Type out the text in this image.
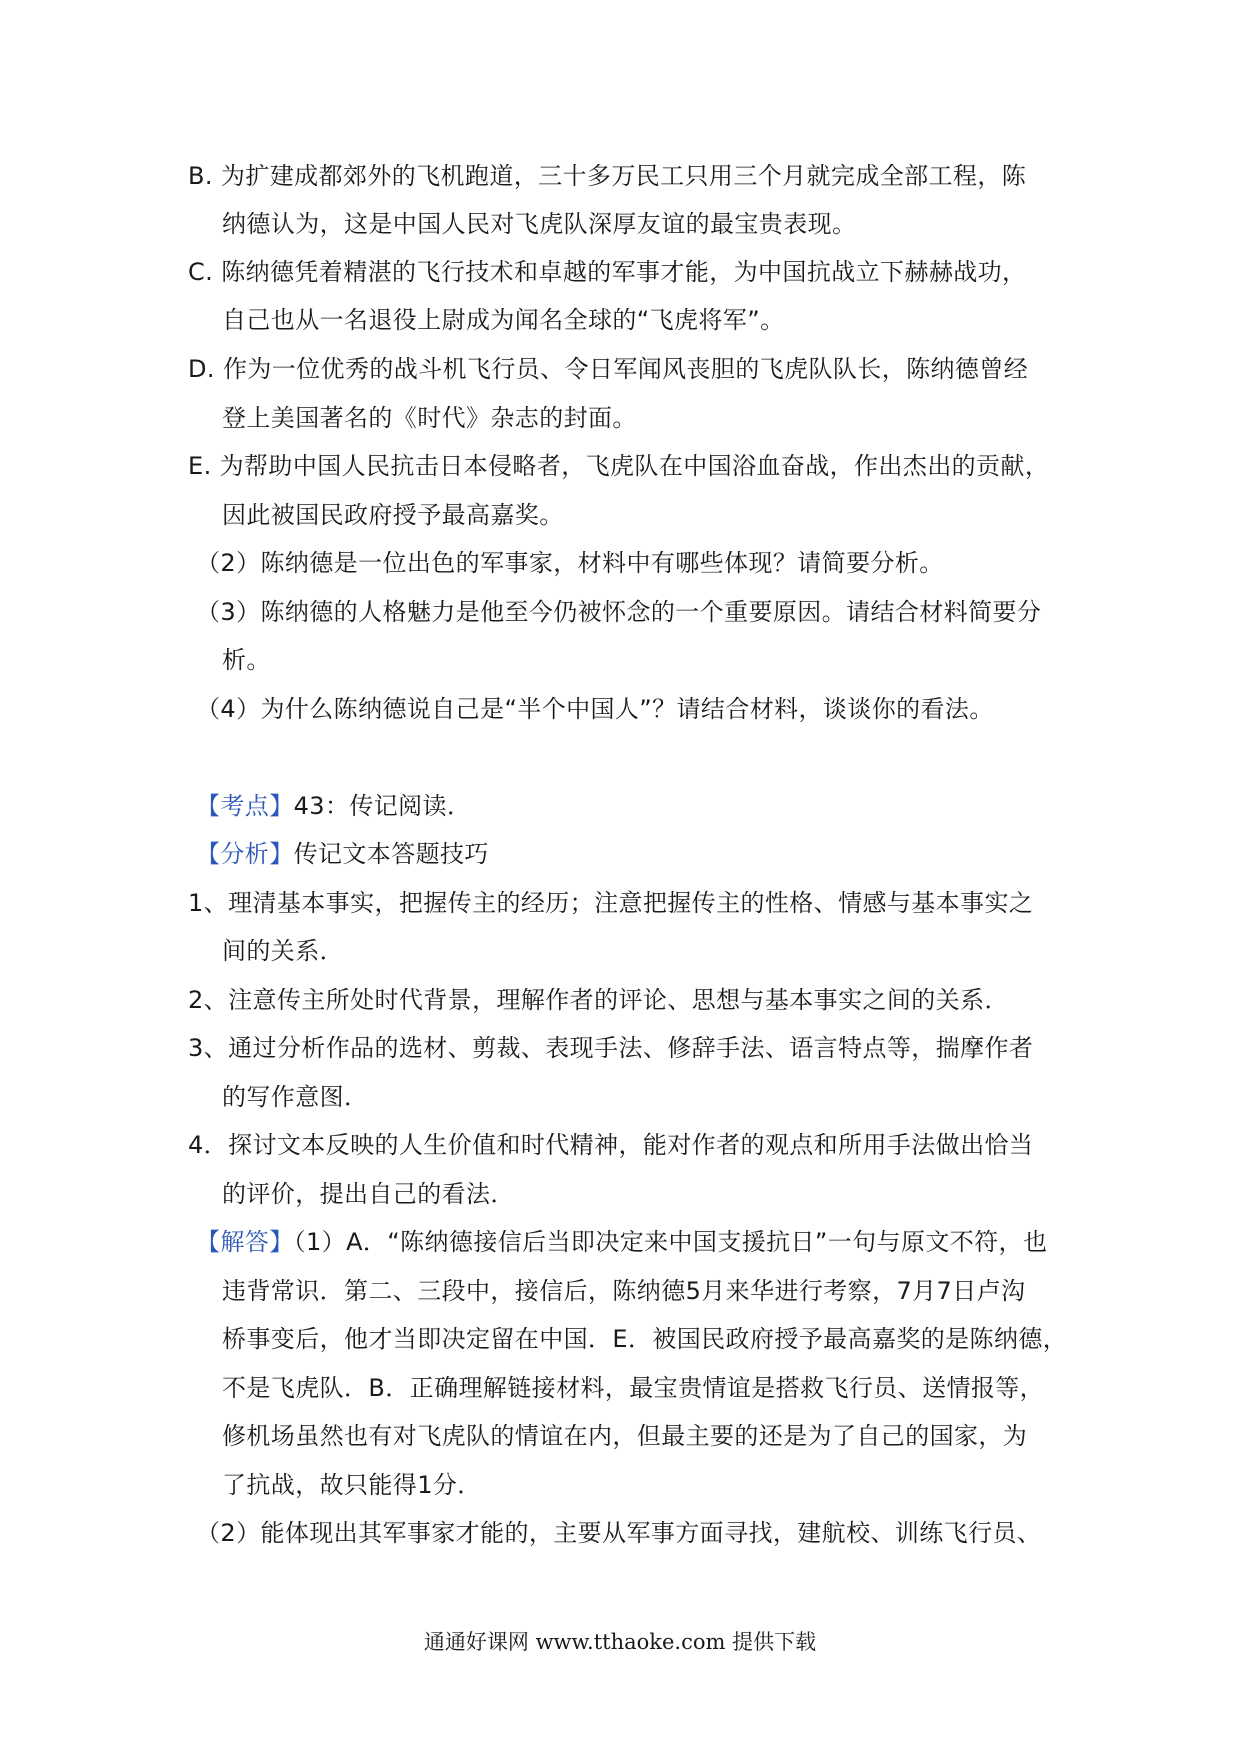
B. 为扩建成都郊外的飞机跑道，三十多万民工只用三个月就完成全部工程，陈
纳德认为，这是中国人民对飞虎队深厚友谊的最宝贵表现。
C. 陈纳德凭着精湛的飞行技术和卓越的军事才能，为中国抗战立下赫赫战功，
自己也从一名退役上尉成为闻名全球的“飞虎将军”。
D. 作为一位优秀的战斗机飞行员、令日军闻风丧胆的飞虎队队长，陈纳德曾经
登上美国著名的《时代》杂志的封面。
E. 为帮助中国人民抗击日本侵略者，飞虎队在中国浴血奋战，作出杰出的贡献，
因此被国民政府授予最高嘉奖。
（2）陈纳德是一位出色的军事家，材料中有哪些体现？请简要分析。
（3）陈纳德的人格魅力是他至今仍被怀念的一个重要原因。请结合材料简要分
析。
（4）为什么陈纳德说自己是“半个中国人”？请结合材料，谈谈你的看法。
【考点】43：传记阅读．
【分析】传记文本答题技巧
1、理清基本事实，把握传主的经历；注意把握传主的性格、情感与基本事实之
间的关系．
2、注意传主所处时代背景，理解作者的评论、思想与基本事实之间的关系．
3、通过分析作品的选材、剪裁、表现手法、修辞手法、语言特点等，揣摩作者
的写作意图．
4．探讨文本反映的人生价值和时代精神，能对作者的观点和所用手法做出恰当
的评价，提出自己的看法．
【解答】（1）A．“陈纳德接信后当即决定来中国支援抗日”一句与原文不符，也
违背常识．第二、三段中，接信后，陈纳德5月来华进行考察，7月7日卢沟
桥事变后，他才当即决定留在中国．E．被国民政府授予最高嘉奖的是陈纳德，
不是飞虎队．B．正确理解链接材料，最宝贵情谊是搭救飞行员、送情报等，
修机场虽然也有对飞虎队的情谊在内，但最主要的还是为了自己的国家，为
了抗战，故只能得1分．
（2）能体现出其军事家才能的，主要从军事方面寻找，建航校、训练飞行员、
通通好课网 www.tthaoke.com 提供下载
